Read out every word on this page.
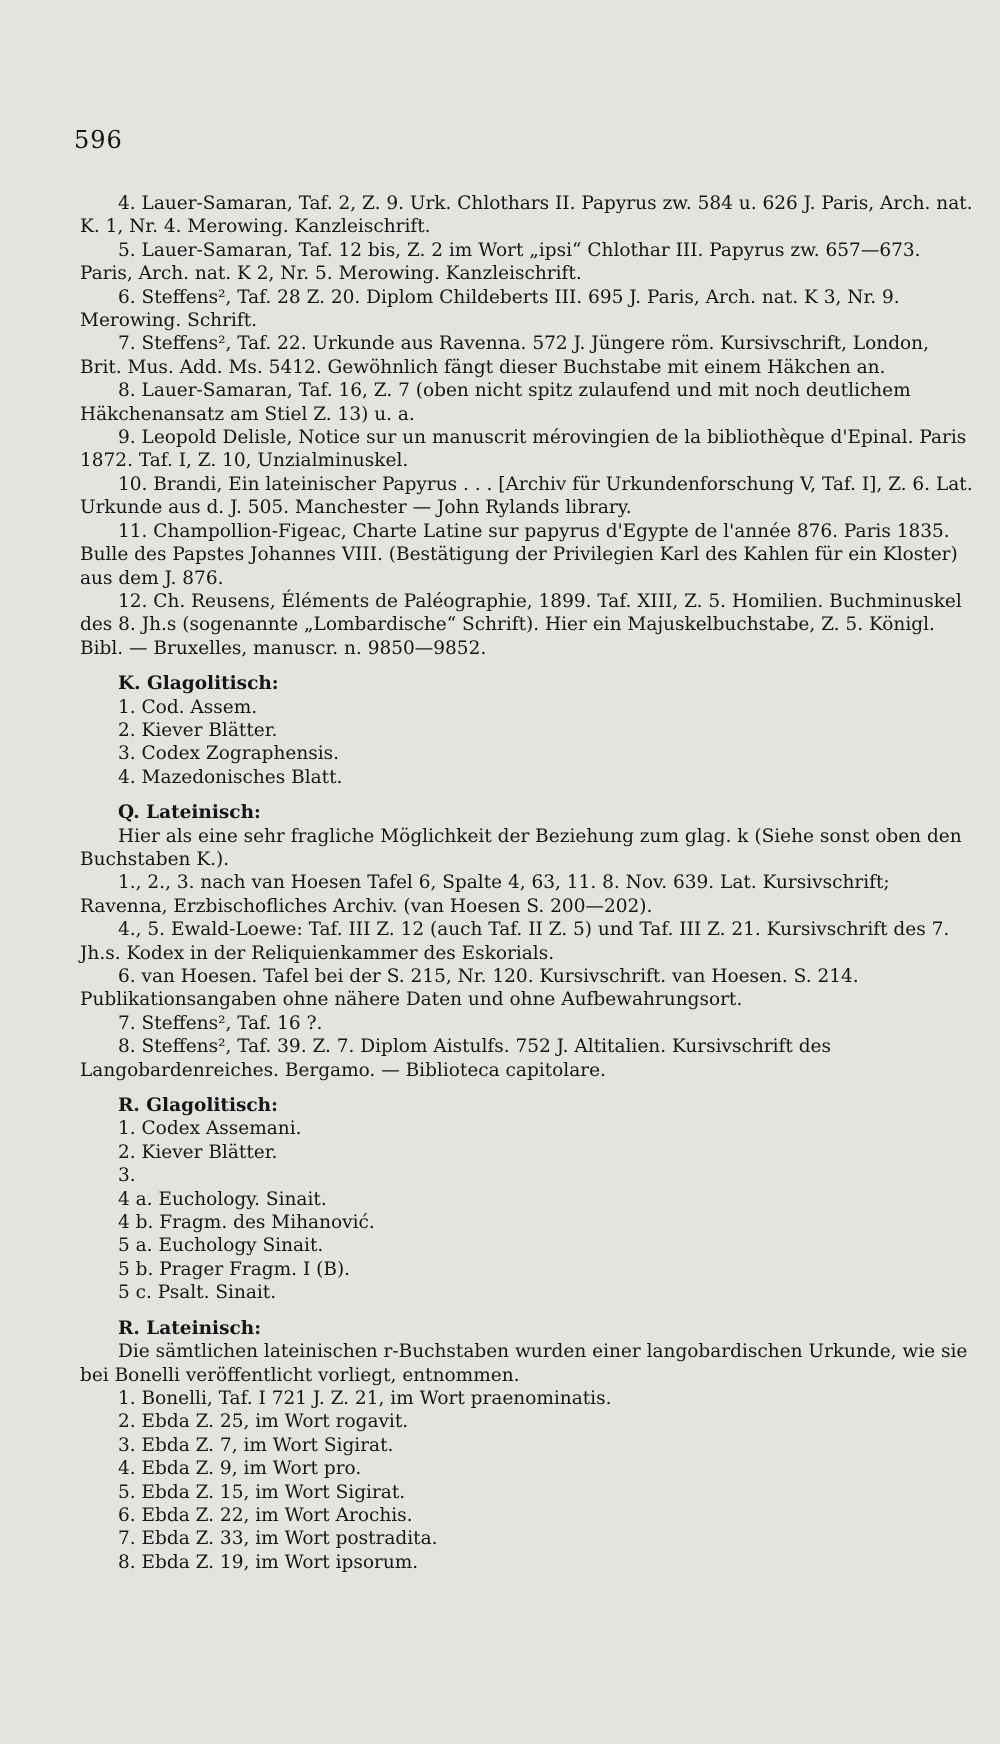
596

4. Lauer-Samaran, Taf. 2, Z. 9. Urk. Chlothars II. Papyrus zw. 584 u. 626 J. Paris, Arch. nat. K. 1, Nr. 4. Merowing. Kanzleischrift.

5. Lauer-Samaran, Taf. 12 bis, Z. 2 im Wort „ipsi“ Chlothar III. Papyrus zw. 657—673. Paris, Arch. nat. K 2, Nr. 5. Merowing. Kanzleischrift.

6. Steffens², Taf. 28 Z. 20. Diplom Childeberts III. 695 J. Paris, Arch. nat. K 3, Nr. 9. Merowing. Schrift.

7. Steffens², Taf. 22. Urkunde aus Ravenna. 572 J. Jüngere röm. Kursivschrift, London, Brit. Mus. Add. Ms. 5412. Gewöhnlich fängt dieser Buchstabe mit einem Häkchen an.

8. Lauer-Samaran, Taf. 16, Z. 7 (oben nicht spitz zulaufend und mit noch deutlichem Häkchenansatz am Stiel Z. 13) u. a.

9. Leopold Delisle, Notice sur un manuscrit mérovingien de la bibliothèque d'Epinal. Paris 1872. Taf. I, Z. 10, Unzialminuskel.

10. Brandi, Ein lateinischer Papyrus . . . [Archiv für Urkundenforschung V, Taf. I], Z. 6. Lat. Urkunde aus d. J. 505. Manchester — John Rylands library.

11. Champollion-Figeac, Charte Latine sur papyrus d'Egypte de l'année 876. Paris 1835. Bulle des Papstes Johannes VIII. (Bestätigung der Privilegien Karl des Kahlen für ein Kloster) aus dem J. 876.

12. Ch. Reusens, Éléments de Paléographie, 1899. Taf. XIII, Z. 5. Homilien. Buchminuskel des 8. Jh.s (sogenannte „Lombardische“ Schrift). Hier ein Majuskelbuchstabe, Z. 5. Königl. Bibl. — Bruxelles, manuscr. n. 9850—9852.

K. Glagolitisch:

1. Cod. Assem.

2. Kiever Blätter.

3. Codex Zographensis.

4. Mazedonisches Blatt.

Q. Lateinisch:

Hier als eine sehr fragliche Möglichkeit der Beziehung zum glag. k (Siehe sonst oben den Buchstaben K.).

1., 2., 3. nach van Hoesen Tafel 6, Spalte 4, 63, 11. 8. Nov. 639. Lat. Kursivschrift; Ravenna, Erzbischofliches Archiv. (van Hoesen S. 200—202).

4., 5. Ewald-Loewe: Taf. III Z. 12 (auch Taf. II Z. 5) und Taf. III Z. 21. Kursivschrift des 7. Jh.s. Kodex in der Reliquienkammer des Eskorials.

6. van Hoesen. Tafel bei der S. 215, Nr. 120. Kursivschrift. van Hoesen. S. 214. Publikationsangaben ohne nähere Daten und ohne Aufbewahrungsort.

7. Steffens², Taf. 16 ?.

8. Steffens², Taf. 39. Z. 7. Diplom Aistulfs. 752 J. Altitalien. Kursivschrift des Langobardenreiches. Bergamo. — Biblioteca capitolare.

R. Glagolitisch:

1. Codex Assemani.

2. Kiever Blätter.

3.

4 a. Euchology. Sinait.

4 b. Fragm. des Mihanović.

5 a. Euchology Sinait.

5 b. Prager Fragm. I (B).

5 c. Psalt. Sinait.

R. Lateinisch:

Die sämtlichen lateinischen r-Buchstaben wurden einer langobardischen Urkunde, wie sie bei Bonelli veröffentlicht vorliegt, entnommen.

1. Bonelli, Taf. I 721 J. Z. 21, im Wort praenominatis.

2. Ebda Z. 25, im Wort rogavit.

3. Ebda Z. 7, im Wort Sigirat.

4. Ebda Z. 9, im Wort pro.

5. Ebda Z. 15, im Wort Sigirat.

6. Ebda Z. 22, im Wort Arochis.

7. Ebda Z. 33, im Wort postradita.

8. Ebda Z. 19, im Wort ipsorum.
